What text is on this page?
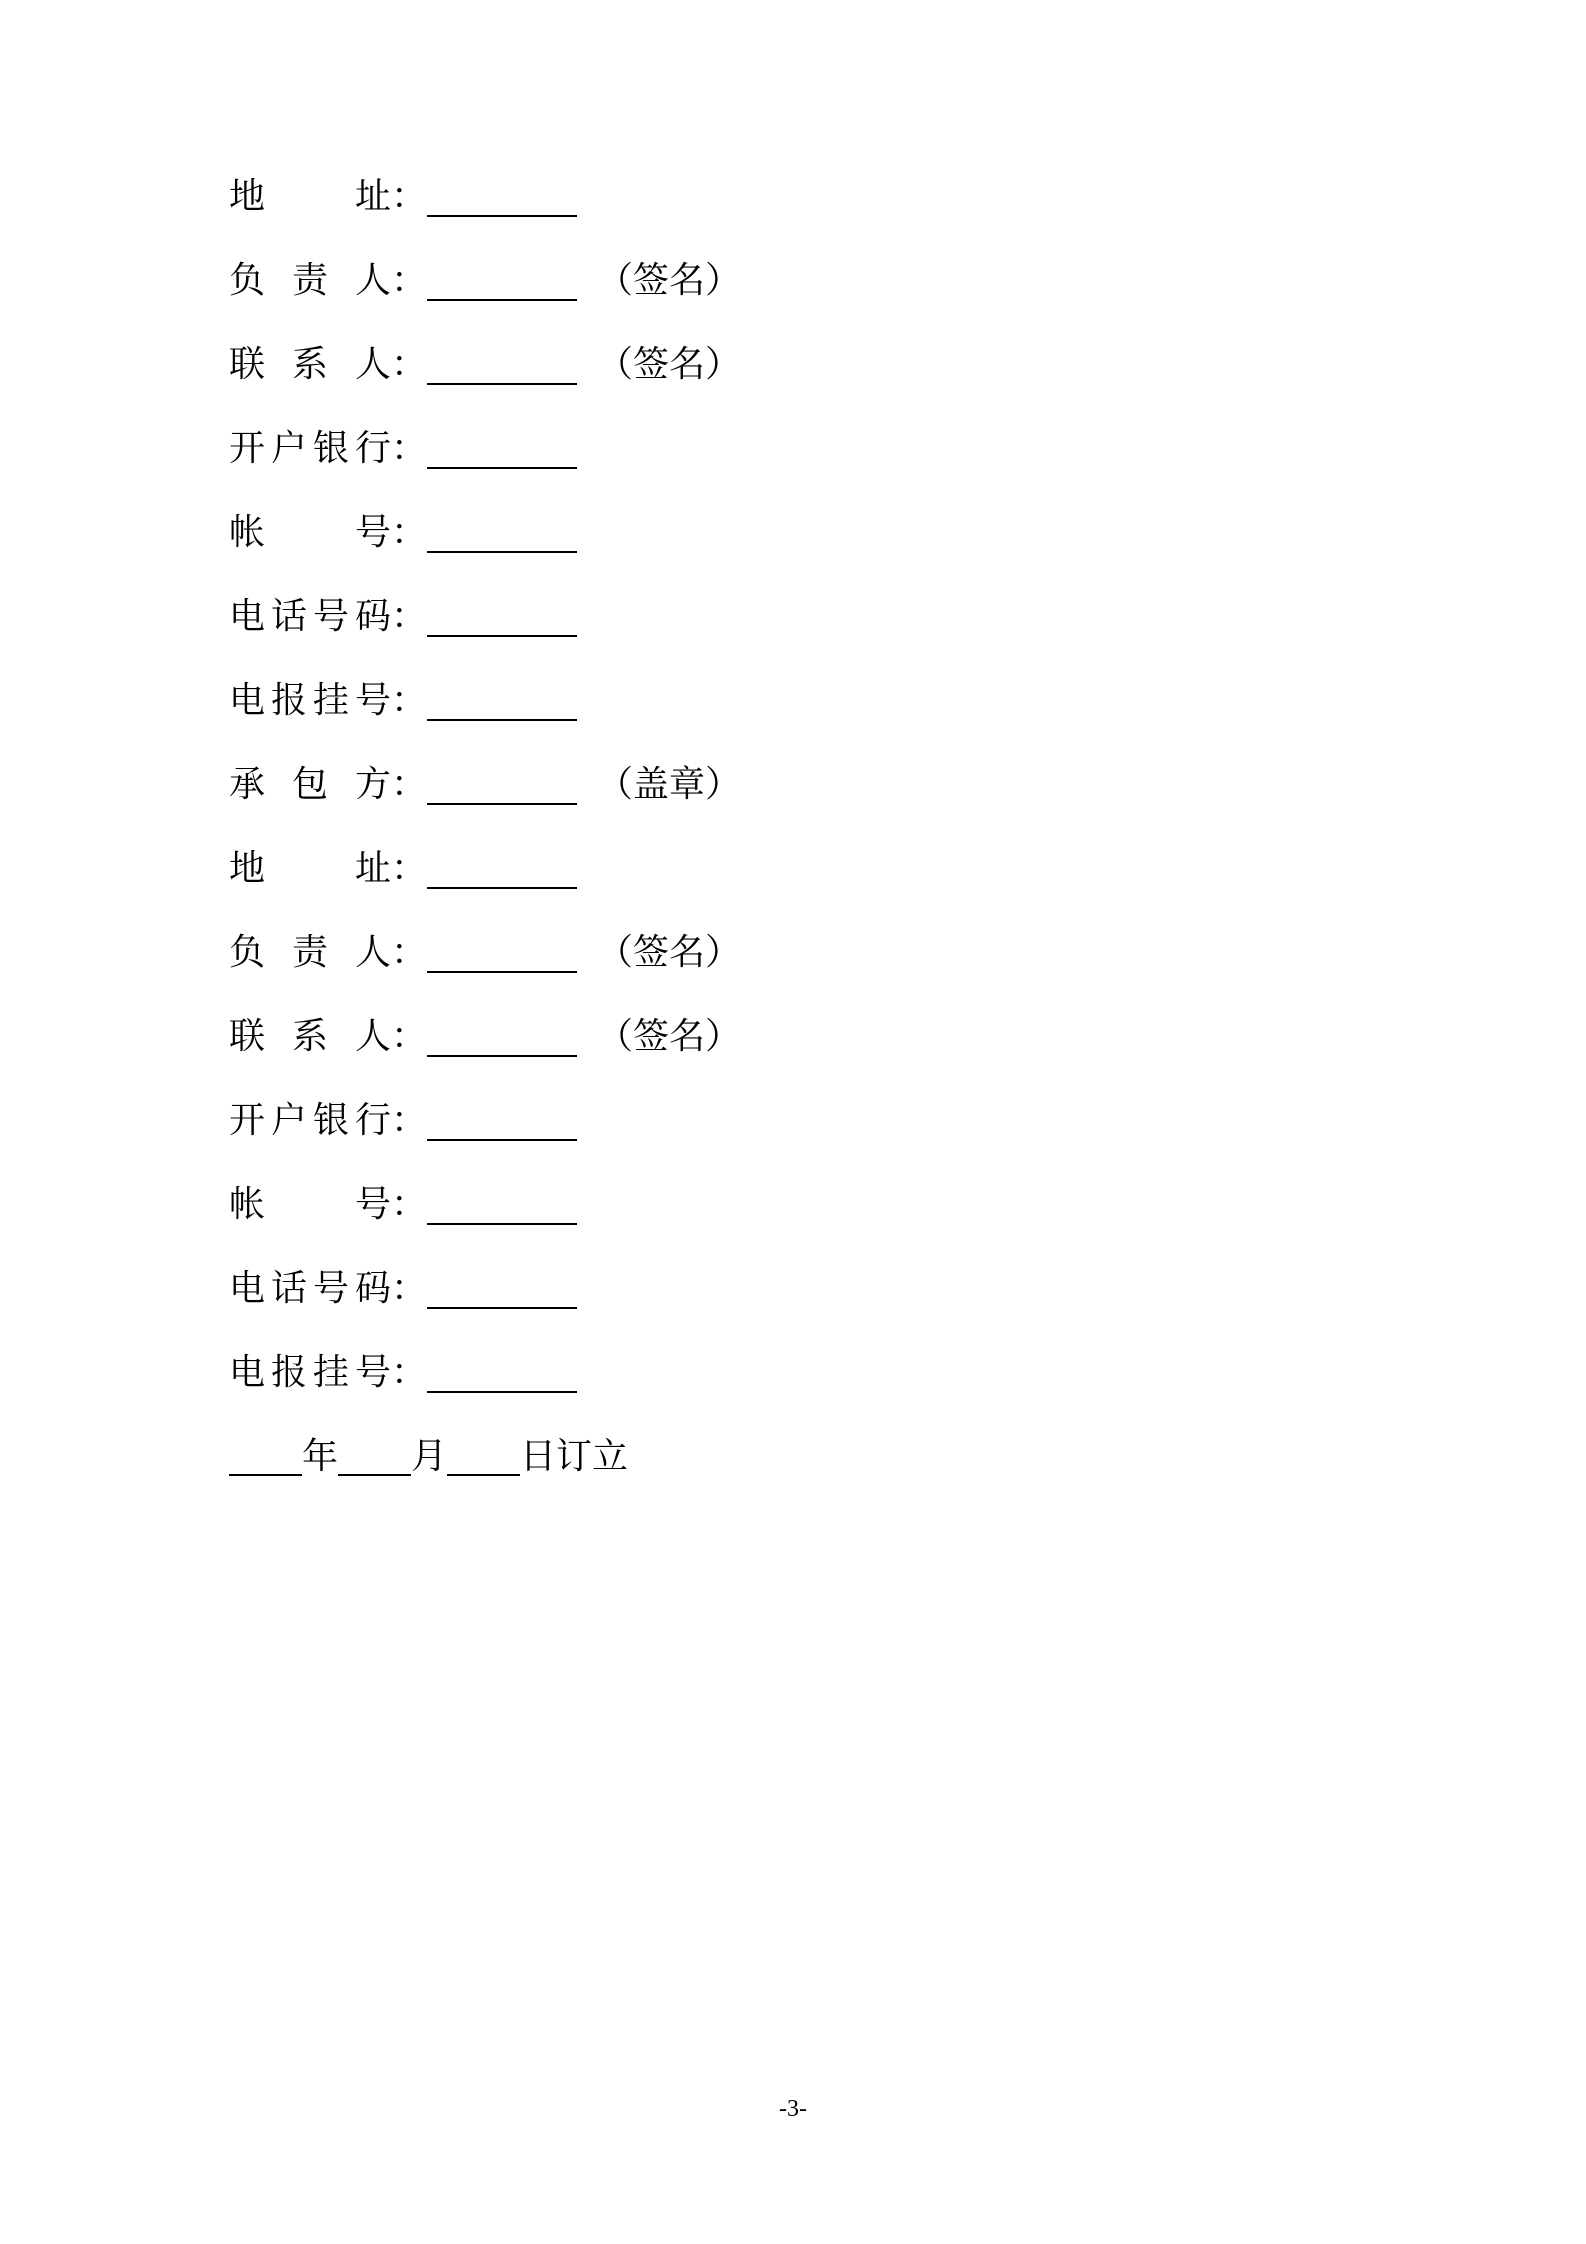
地 址 ：
负 责 人 ：	（签名）
联 系 人 ：	（签名）
开 户 银 行 ：
帐 号 ：
电 话 号 码 ：
电 报 挂 号 ：
承 包 方 ：	（盖章）
地 址 ：
负 责 人 ：	（签名）
联 系 人 ：	（签名）
开 户 银 行 ：
帐 号 ：
电 话 号 码 ：
电 报 挂 号 ：
年 月 日订立
-3-
